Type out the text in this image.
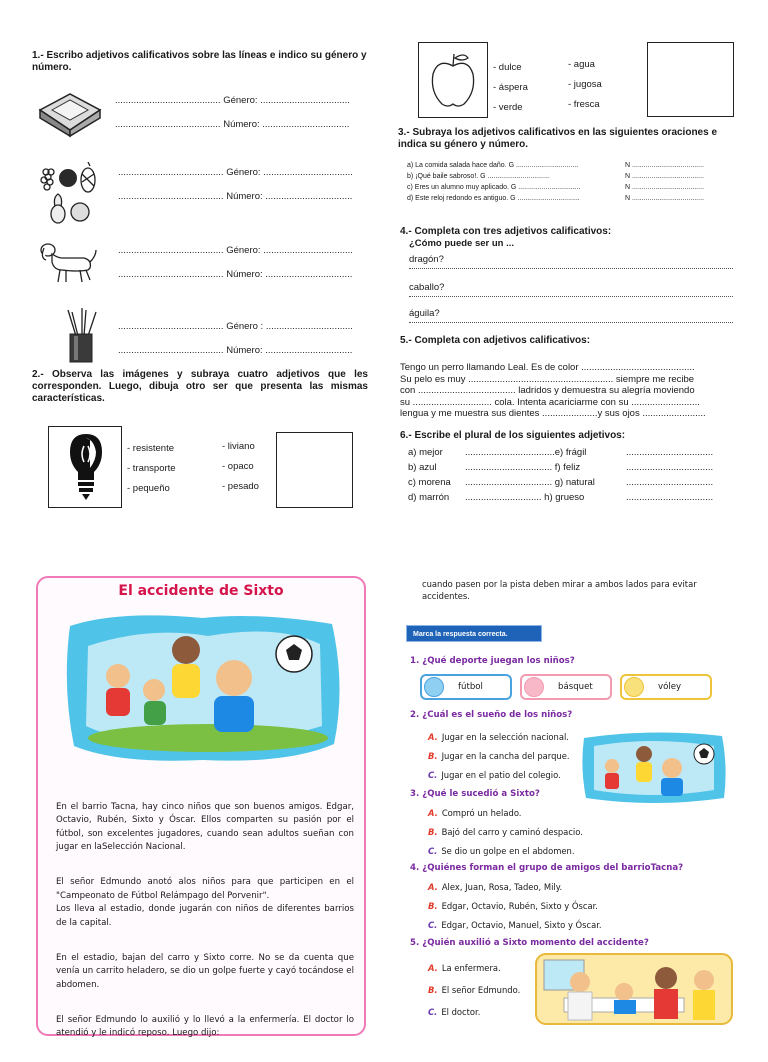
1.- Escribo adjetivos calificativos sobre las líneas e indico su género y número.
........................................ Género: ..................................
........................................ Número: .................................
........................................ Género: ..................................
........................................ Número: .................................
........................................ Género: ..................................
........................................ Número: .................................
........................................ Género : .................................
........................................ Número: .................................
2.- Observa las imágenes y subraya cuatro adjetivos que les corresponden. Luego, dibuja otro ser que presenta las mismas características.
- resistente
- transporte
- pequeño
- liviano
- opaco
- pesado
- dulce
- áspera
- verde
- agua
- jugosa
- fresca
3.- Subraya los adjetivos calificativos en las siguientes oraciones e indica su género y número.
a) La comida salada hace daño. G ................................	N .....................................
b) ¡Qué baile sabroso!. G ................................	N .....................................
c) Eres un alumno muy aplicado. G ................................	N .....................................
d) Este reloj redondo es antiguo. G ................................	N .....................................
4.- Completa con tres adjetivos calificativos:
¿Cómo puede ser un ...
dragón?
caballo?
águila?
5.- Completa con adjetivos calificativos:
Tengo un perro llamando Leal. Es de color ...........................................
Su pelo es muy ....................................................... siempre me recibe
con ..................................... ladridos y demuestra su alegría moviendo
su .............................. cola. Intenta acariciarme con su ..........................
lengua y me muestra sus dientes .....................y sus ojos ........................
6.- Escribe el plural de los siguientes adjetivos:
a) mejor ..................................e) frágil	.................................
b) azul	................................. f) feliz	.................................
c) morena ................................. g) natural	.................................
d) marrón ............................. h) grueso	.................................
El accidente de Sixto

En el barrio Tacna, hay cinco niños que son buenos amigos. Edgar, Octavio, Rubén, Sixto y Óscar. Ellos comparten su pasión por el fútbol, son excelentes jugadores, cuando sean adultos sueñan con jugar en laSelección Nacional.

El señor Edmundo anotó alos niños para que participen en el "Campeonato de Fútbol Relámpago del Porvenir".
Los lleva al estadio, donde jugarán con niños de diferentes barrios de la capital.

En el estadio, bajan del carro y Sixto corre. No se da cuenta que venía un carrito heladero, se dio un golpe fuerte y cayó tocándose el abdomen.

El señor Edmundo lo auxilió y lo llevó a la enfermería. El doctor lo atendió y le indicó reposo. Luego dijo:

cuando pasen por la pista deben mirar a ambos lados para evitar accidentes.
Marca la respuesta correcta.
1. ¿Qué deporte juegan los niños?
fútbol	básquet	vóley
2. ¿Cuál es el sueño de los niños?
A. Jugar en la selección nacional.
B. Jugar en la cancha del parque.
C. Jugar en el patio del colegio.
3. ¿Qué le sucedió a Sixto?
A. Compró un helado.
B. Bajó del carro y caminó despacio.
C. Se dio un golpe en el abdomen.
4. ¿Quiénes forman el grupo de amigos del barrioTacna?
A. Alex, Juan, Rosa, Tadeo, Mily.
B. Edgar, Octavio, Rubén, Sixto y Óscar.
C. Edgar, Octavio, Manuel, Sixto y Óscar.
5. ¿Quién auxilió a Sixto momento del accidente?
A. La enfermera.
B. El señor Edmundo.
C. El doctor.
